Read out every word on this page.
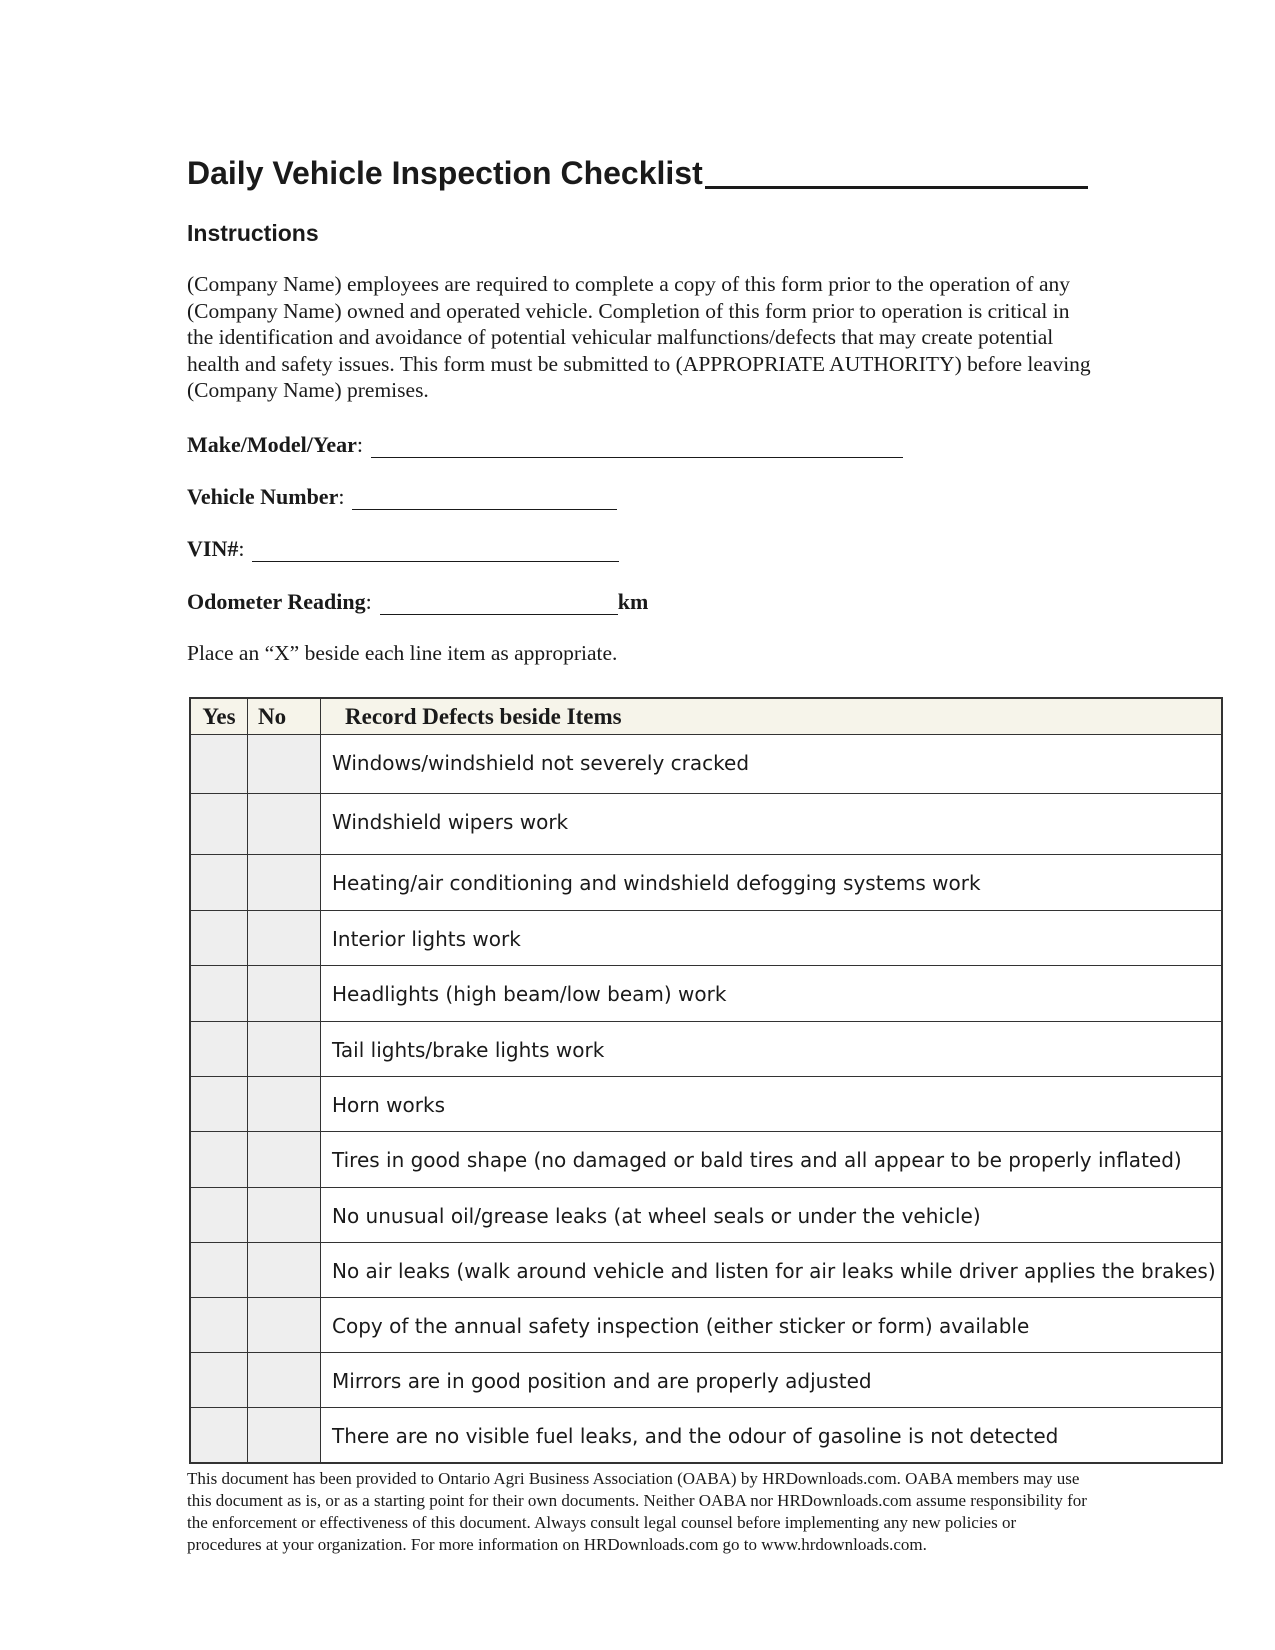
Daily Vehicle Inspection Checklist
Instructions

(Company Name) employees are required to complete a copy of this form prior to the operation of any (Company Name) owned and operated vehicle. Completion of this form prior to operation is critical in the identification and avoidance of potential vehicular malfunctions/defects that may create potential health and safety issues. This form must be submitted to (APPROPRIATE AUTHORITY) before leaving (Company Name) premises.

Make/Model/Year :
Vehicle Number :
VIN# :
Odometer Reading :	km

Place an “X” beside each line item as appropriate.

Yes	No	Record Defects beside Items
		Windows/windshield not severely cracked
		Windshield wipers work
		Heating/air conditioning and windshield defogging systems work
		Interior lights work
		Headlights (high beam/low beam) work
		Tail lights/brake lights work
		Horn works
		Tires in good shape (no damaged or bald tires and all appear to be properly inflated)
		No unusual oil/grease leaks (at wheel seals or under the vehicle)
		No air leaks (walk around vehicle and listen for air leaks while driver applies the brakes)
		Copy of the annual safety inspection (either sticker or form) available
		Mirrors are in good position and are properly adjusted
		There are no visible fuel leaks, and the odour of gasoline is not detected

This document has been provided to Ontario Agri Business Association (OABA) by HRDownloads.com. OABA members may use this document as is, or as a starting point for their own documents. Neither OABA nor HRDownloads.com assume responsibility for the enforcement or effectiveness of this document. Always consult legal counsel before implementing any new policies or procedures at your organization. For more information on HRDownloads.com go to www.hrdownloads.com.
